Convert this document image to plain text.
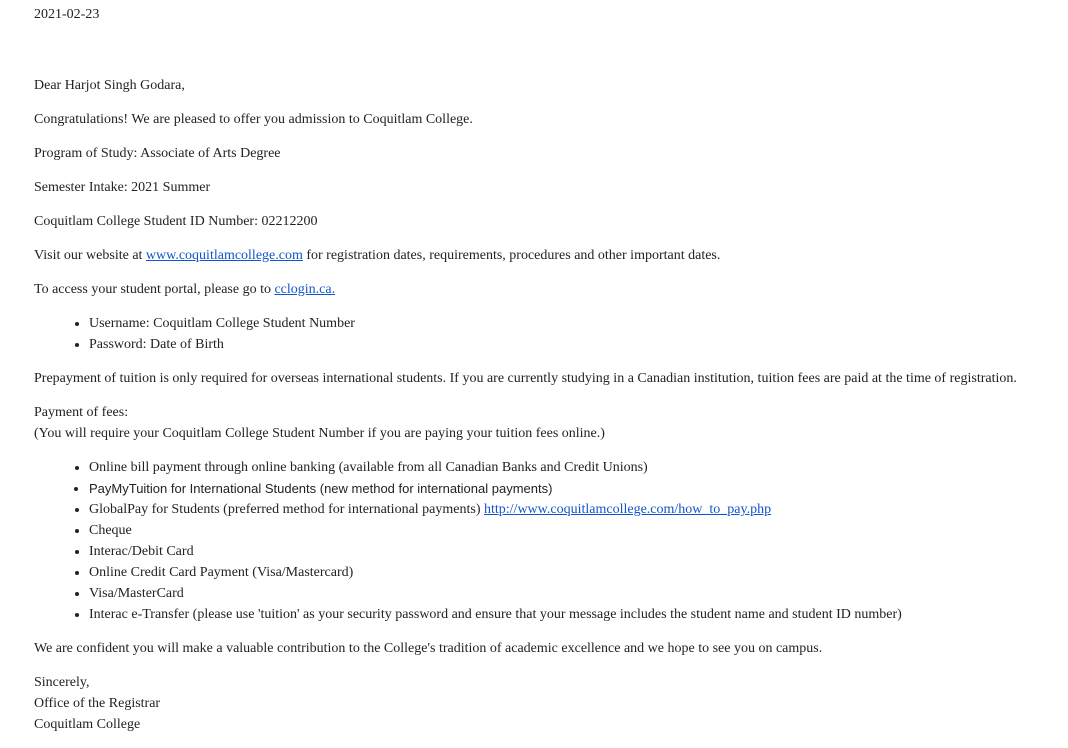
2021-02-23

Dear Harjot Singh Godara,

Congratulations! We are pleased to offer you admission to Coquitlam College.

Program of Study: Associate of Arts Degree

Semester Intake: 2021 Summer

Coquitlam College Student ID Number: 02212200

Visit our website at www.coquitlamcollege.com for registration dates, requirements, procedures and other important dates.

To access your student portal, please go to cclogin.ca.

• Username: Coquitlam College Student Number
• Password: Date of Birth

Prepayment of tuition is only required for overseas international students. If you are currently studying in a Canadian institution, tuition fees are paid at the time of registration.

Payment of fees:

(You will require your Coquitlam College Student Number if you are paying your tuition fees online.)

• Online bill payment through online banking (available from all Canadian Banks and Credit Unions)
• PayMyTuition for International Students (new method for international payments)
• GlobalPay for Students (preferred method for international payments) http://www.coquitlamcollege.com/how_to_pay.php
• Cheque
• Interac/Debit Card
• Online Credit Card Payment (Visa/Mastercard)
• Visa/MasterCard
• Interac e-Transfer (please use 'tuition' as your security password and ensure that your message includes the student name and student ID number)

We are confident you will make a valuable contribution to the College's tradition of academic excellence and we hope to see you on campus.

Sincerely,

Office of the Registrar

Coquitlam College
